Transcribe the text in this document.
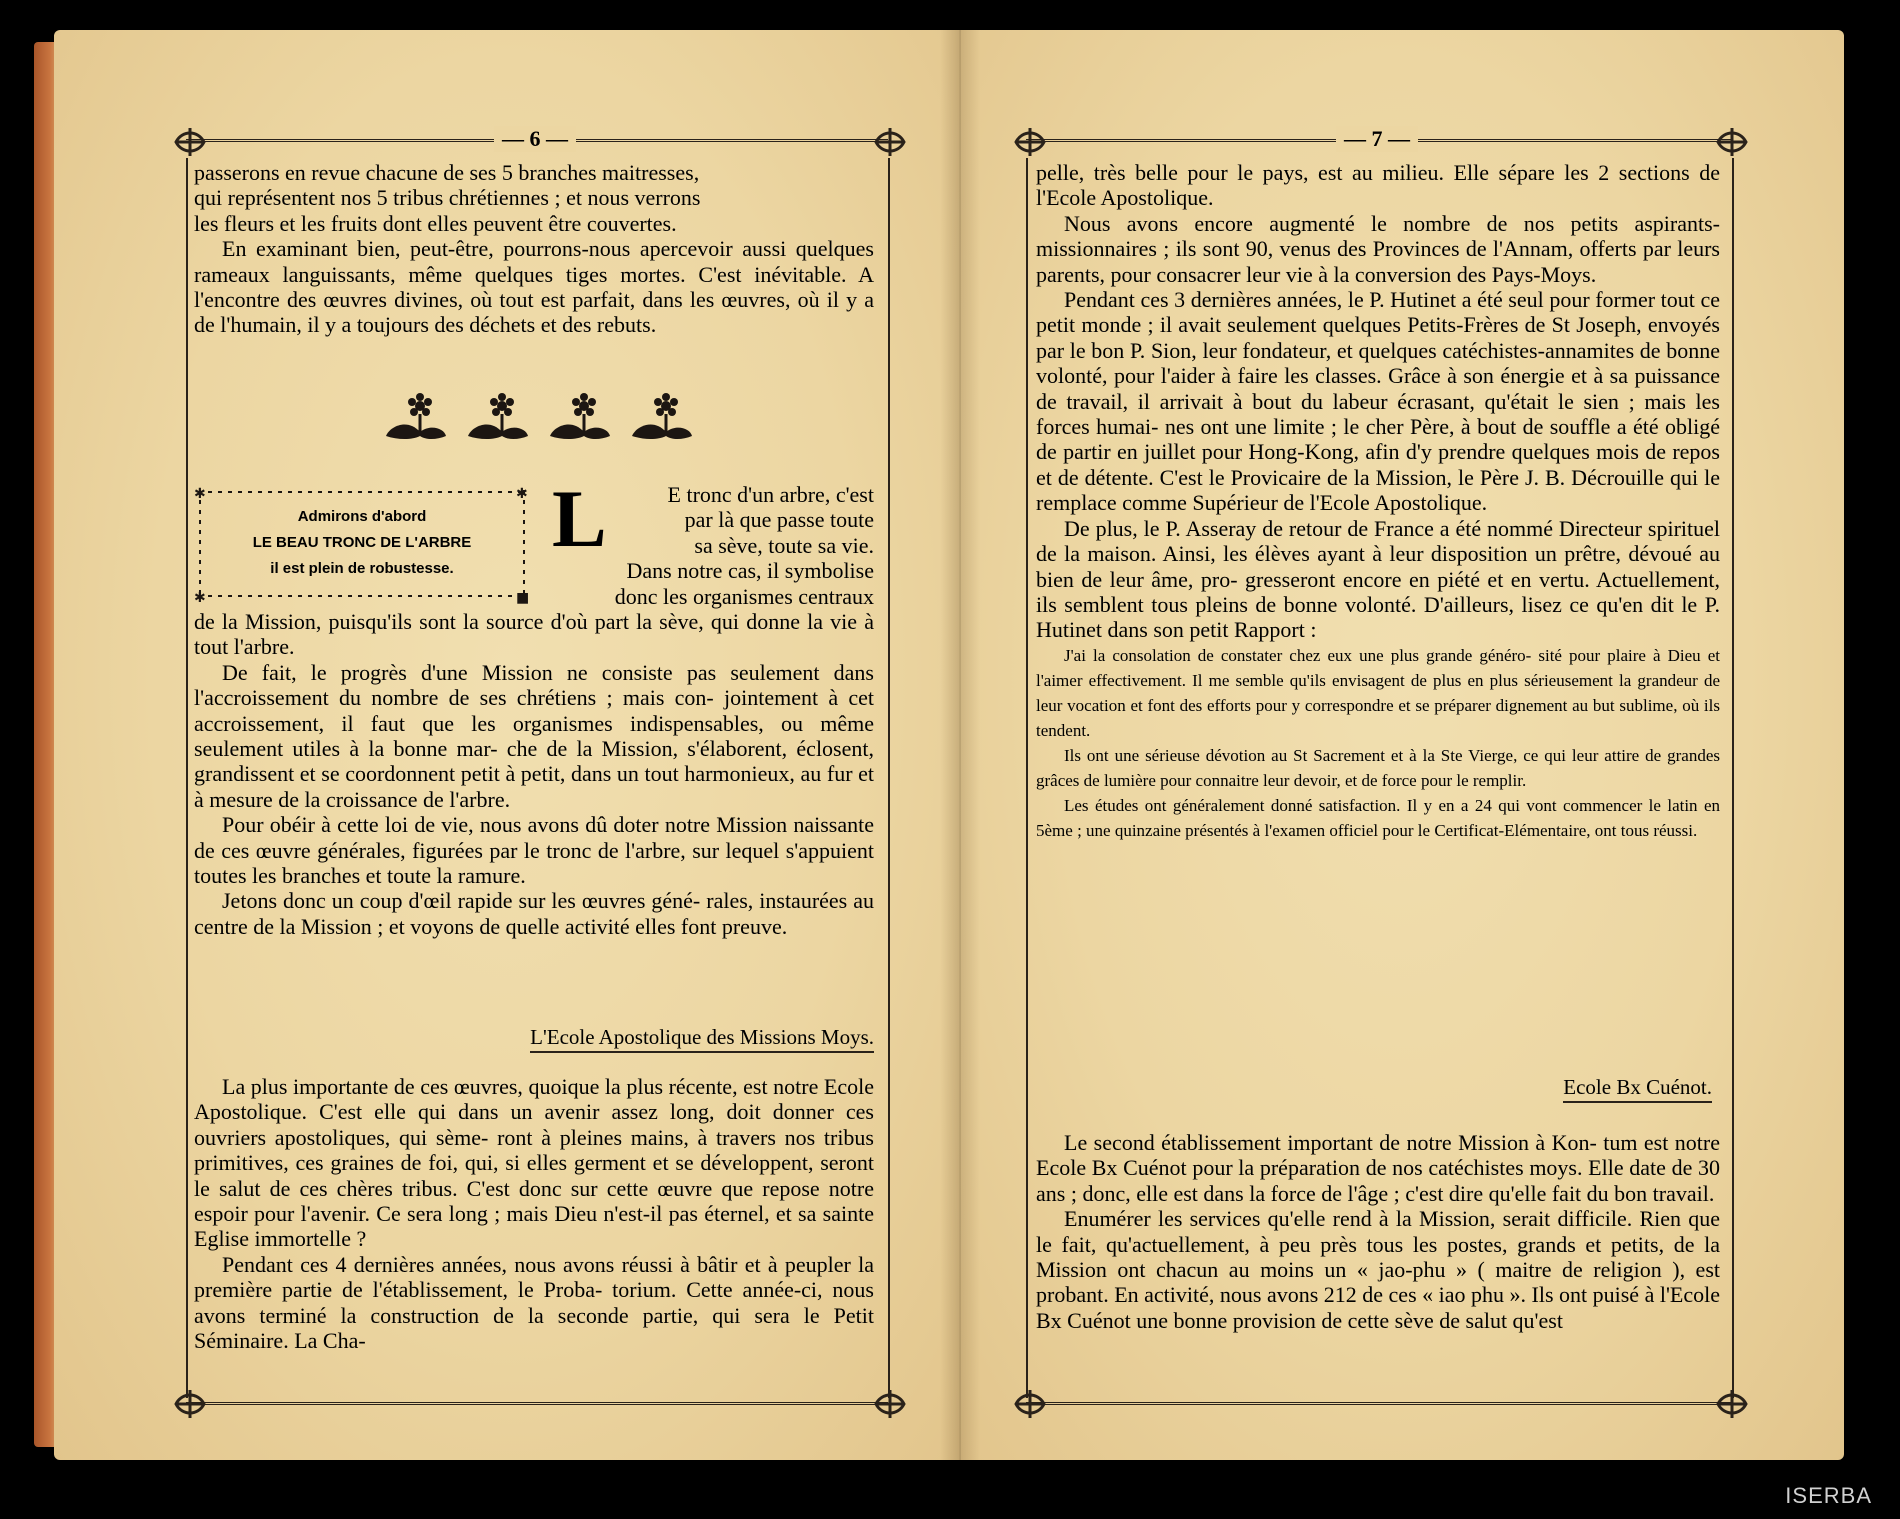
— 6 —

passerons en revue chacune de ses 5 branches maitresses,

qui représentent nos 5 tribus chrétiennes ; et nous verrons

les fleurs et les fruits dont elles peuvent être couvertes.

En examinant bien, peut-être, pourrons-nous apercevoir aussi quelques rameaux languissants, même quelques tiges mortes. C'est inévitable. A l'encontre des œuvres divines, où tout est parfait, dans les œuvres, où il y a de l'humain, il y a toujours des déchets et des rebuts.

✱	✱
✱	■
Admirons d'abord
LE BEAU TRONC DE L'ARBRE
il est plein de robustesse.
L	E tronc d'un arbre, c'est

par là que passe toute

sa sève, toute sa vie.

Dans notre cas, il symbolise

donc les organismes centraux

de la Mission, puisqu'ils sont la source d'où part la sève, qui donne la vie à tout l'arbre.

De fait, le progrès d'une Mission ne consiste pas seulement dans l'accroissement du nombre de ses chrétiens ; mais con- jointement à cet accroissement, il faut que les organismes indispensables, ou même seulement utiles à la bonne mar- che de la Mission, s'élaborent, éclosent, grandissent et se coordonnent petit à petit, dans un tout harmonieux, au fur et à mesure de la croissance de l'arbre.

Pour obéir à cette loi de vie, nous avons dû doter notre Mission naissante de ces œuvre générales, figurées par le tronc de l'arbre, sur lequel s'appuient toutes les branches et toute la ramure.

Jetons donc un coup d'œil rapide sur les œuvres géné- rales, instaurées au centre de la Mission ; et voyons de quelle activité elles font preuve.

L'Ecole Apostolique des Missions Moys.

La plus importante de ces œuvres, quoique la plus récente, est notre Ecole Apostolique. C'est elle qui dans un avenir assez long, doit donner ces ouvriers apostoliques, qui sème- ront à pleines mains, à travers nos tribus primitives, ces graines de foi, qui, si elles germent et se développent, seront le salut de ces chères tribus. C'est donc sur cette œuvre que repose notre espoir pour l'avenir. Ce sera long ; mais Dieu n'est-il pas éternel, et sa sainte Eglise immortelle ?

Pendant ces 4 dernières années, nous avons réussi à bâtir et à peupler la première partie de l'établissement, le Proba- torium. Cette année-ci, nous avons terminé la construction de la seconde partie, qui sera le Petit Séminaire. La Cha-

— 7 —

pelle, très belle pour le pays, est au milieu. Elle sépare les 2 sections de l'Ecole Apostolique.

Nous avons encore augmenté le nombre de nos petits aspirants-missionnaires ; ils sont 90, venus des Provinces de l'Annam, offerts par leurs parents, pour consacrer leur vie à la conversion des Pays-Moys.

Pendant ces 3 dernières années, le P. Hutinet a été seul pour former tout ce petit monde ; il avait seulement quelques Petits-Frères de St Joseph, envoyés par le bon P. Sion, leur fondateur, et quelques catéchistes-annamites de bonne volonté, pour l'aider à faire les classes. Grâce à son énergie et à sa puissance de travail, il arrivait à bout du labeur écrasant, qu'était le sien ; mais les forces humai- nes ont une limite ; le cher Père, à bout de souffle a été obligé de partir en juillet pour Hong-Kong, afin d'y prendre quelques mois de repos et de détente. C'est le Provicaire de la Mission, le Père J. B. Décrouille qui le remplace comme Supérieur de l'Ecole Apostolique.

De plus, le P. Asseray de retour de France a été nommé Directeur spirituel de la maison. Ainsi, les élèves ayant à leur disposition un prêtre, dévoué au bien de leur âme, pro- gresseront encore en piété et en vertu. Actuellement, ils semblent tous pleins de bonne volonté. D'ailleurs, lisez ce qu'en dit le P. Hutinet dans son petit Rapport :

J'ai la consolation de constater chez eux une plus grande généro- sité pour plaire à Dieu et l'aimer effectivement. Il me semble qu'ils envisagent de plus en plus sérieusement la grandeur de leur vocation et font des efforts pour y correspondre et se préparer dignement au but sublime, où ils tendent.

Ils ont une sérieuse dévotion au St Sacrement et à la Ste Vierge, ce qui leur attire de grandes grâces de lumière pour connaitre leur devoir, et de force pour le remplir.

Les études ont généralement donné satisfaction. Il y en a 24 qui vont commencer le latin en 5ème ; une quinzaine présentés à l'examen officiel pour le Certificat-Elémentaire, ont tous réussi.

Ecole Bx Cuénot.

Le second établissement important de notre Mission à Kon- tum est notre Ecole Bx Cuénot pour la préparation de nos catéchistes moys. Elle date de 30 ans ; donc, elle est dans la force de l'âge ; c'est dire qu'elle fait du bon travail.

Enumérer les services qu'elle rend à la Mission, serait difficile. Rien que le fait, qu'actuellement, à peu près tous les postes, grands et petits, de la Mission ont chacun au moins un « jao-phu » ( maitre de religion ), est probant. En activité, nous avons 212 de ces « iao phu ». Ils ont puisé à l'Ecole Bx Cuénot une bonne provision de cette sève de salut qu'est

ISERBA
